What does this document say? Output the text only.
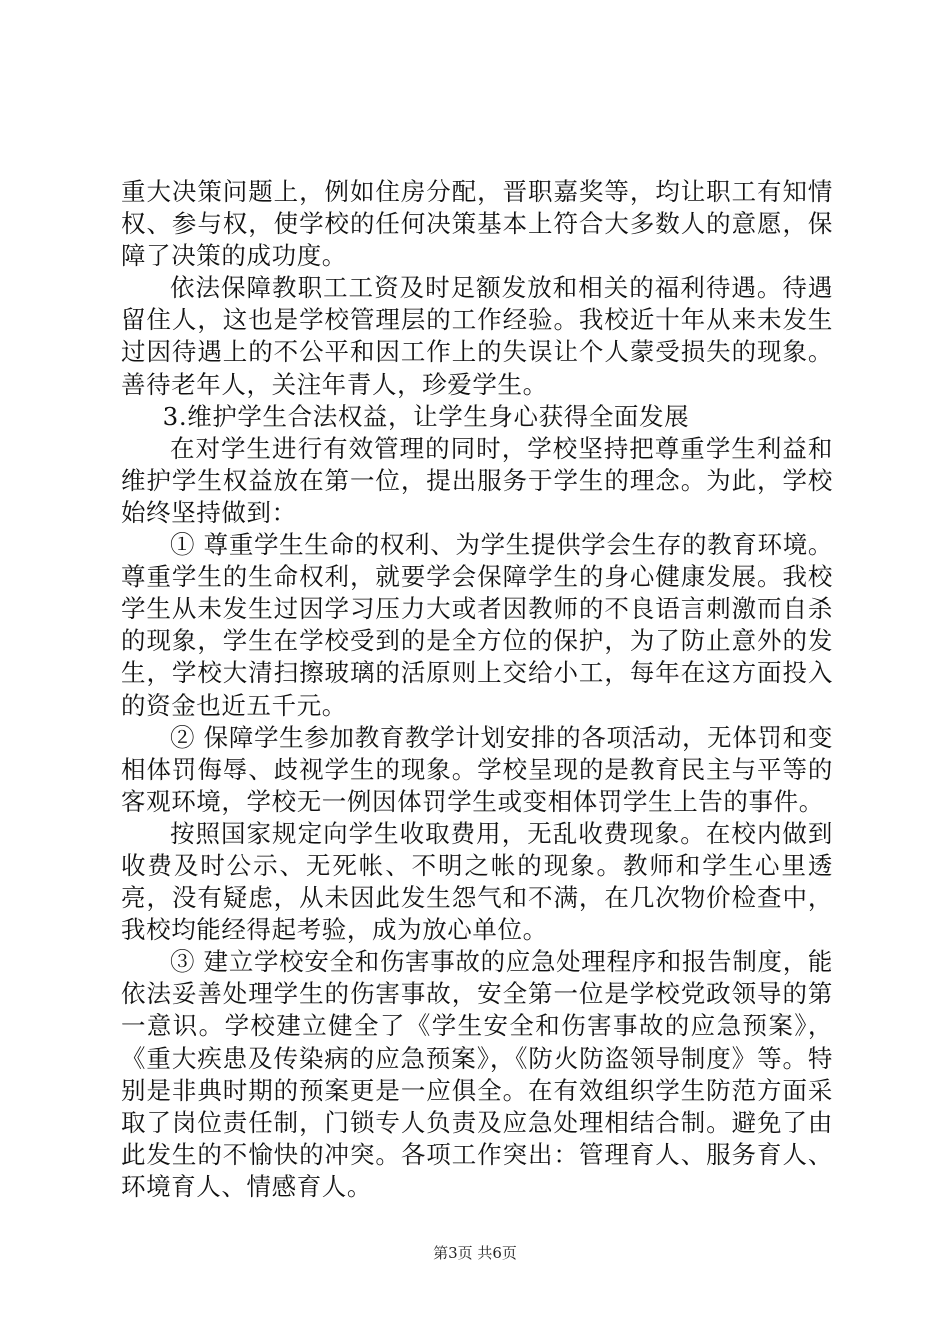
重大决策问题上，例如住房分配，晋职嘉奖等，均让职工有知情权、参与权，使学校的任何决策基本上符合大多数人的意愿，保障了决策的成功度。

依法保障教职工工资及时足额发放和相关的福利待遇。待遇留住人，这也是学校管理层的工作经验。我校近十年从来未发生过因待遇上的不公平和因工作上的失误让个人蒙受损失的现象。善待老年人，关注年青人，珍爱学生。

3.维护学生合法权益，让学生身心获得全面发展

在对学生进行有效管理的同时，学校坚持把尊重学生利益和维护学生权益放在第一位，提出服务于学生的理念。为此，学校始终坚持做到：

① 尊重学生生命的权利、为学生提供学会生存的教育环境。尊重学生的生命权利，就要学会保障学生的身心健康发展。我校学生从未发生过因学习压力大或者因教师的不良语言刺激而自杀的现象，学生在学校受到的是全方位的保护，为了防止意外的发生，学校大清扫擦玻璃的活原则上交给小工，每年在这方面投入的资金也近五千元。

② 保障学生参加教育教学计划安排的各项活动，无体罚和变相体罚侮辱、歧视学生的现象。学校呈现的是教育民主与平等的客观环境，学校无一例因体罚学生或变相体罚学生上告的事件。

按照国家规定向学生收取费用，无乱收费现象。在校内做到收费及时公示、无死帐、不明之帐的现象。教师和学生心里透亮，没有疑虑，从未因此发生怨气和不满，在几次物价检查中，我校均能经得起考验，成为放心单位。

③ 建立学校安全和伤害事故的应急处理程序和报告制度，能依法妥善处理学生的伤害事故，安全第一位是学校党政领导的第一意识。学校建立健全了《学生安全和伤害事故的应急预案》，《重大疾患及传染病的应急预案》，《防火防盗领导制度》等。特别是非典时期的预案更是一应俱全。在有效组织学生防范方面采取了岗位责任制，门锁专人负责及应急处理相结合制。避免了由此发生的不愉快的冲突。各项工作突出：管理育人、服务育人、环境育人、情感育人。

第3页 共6页
